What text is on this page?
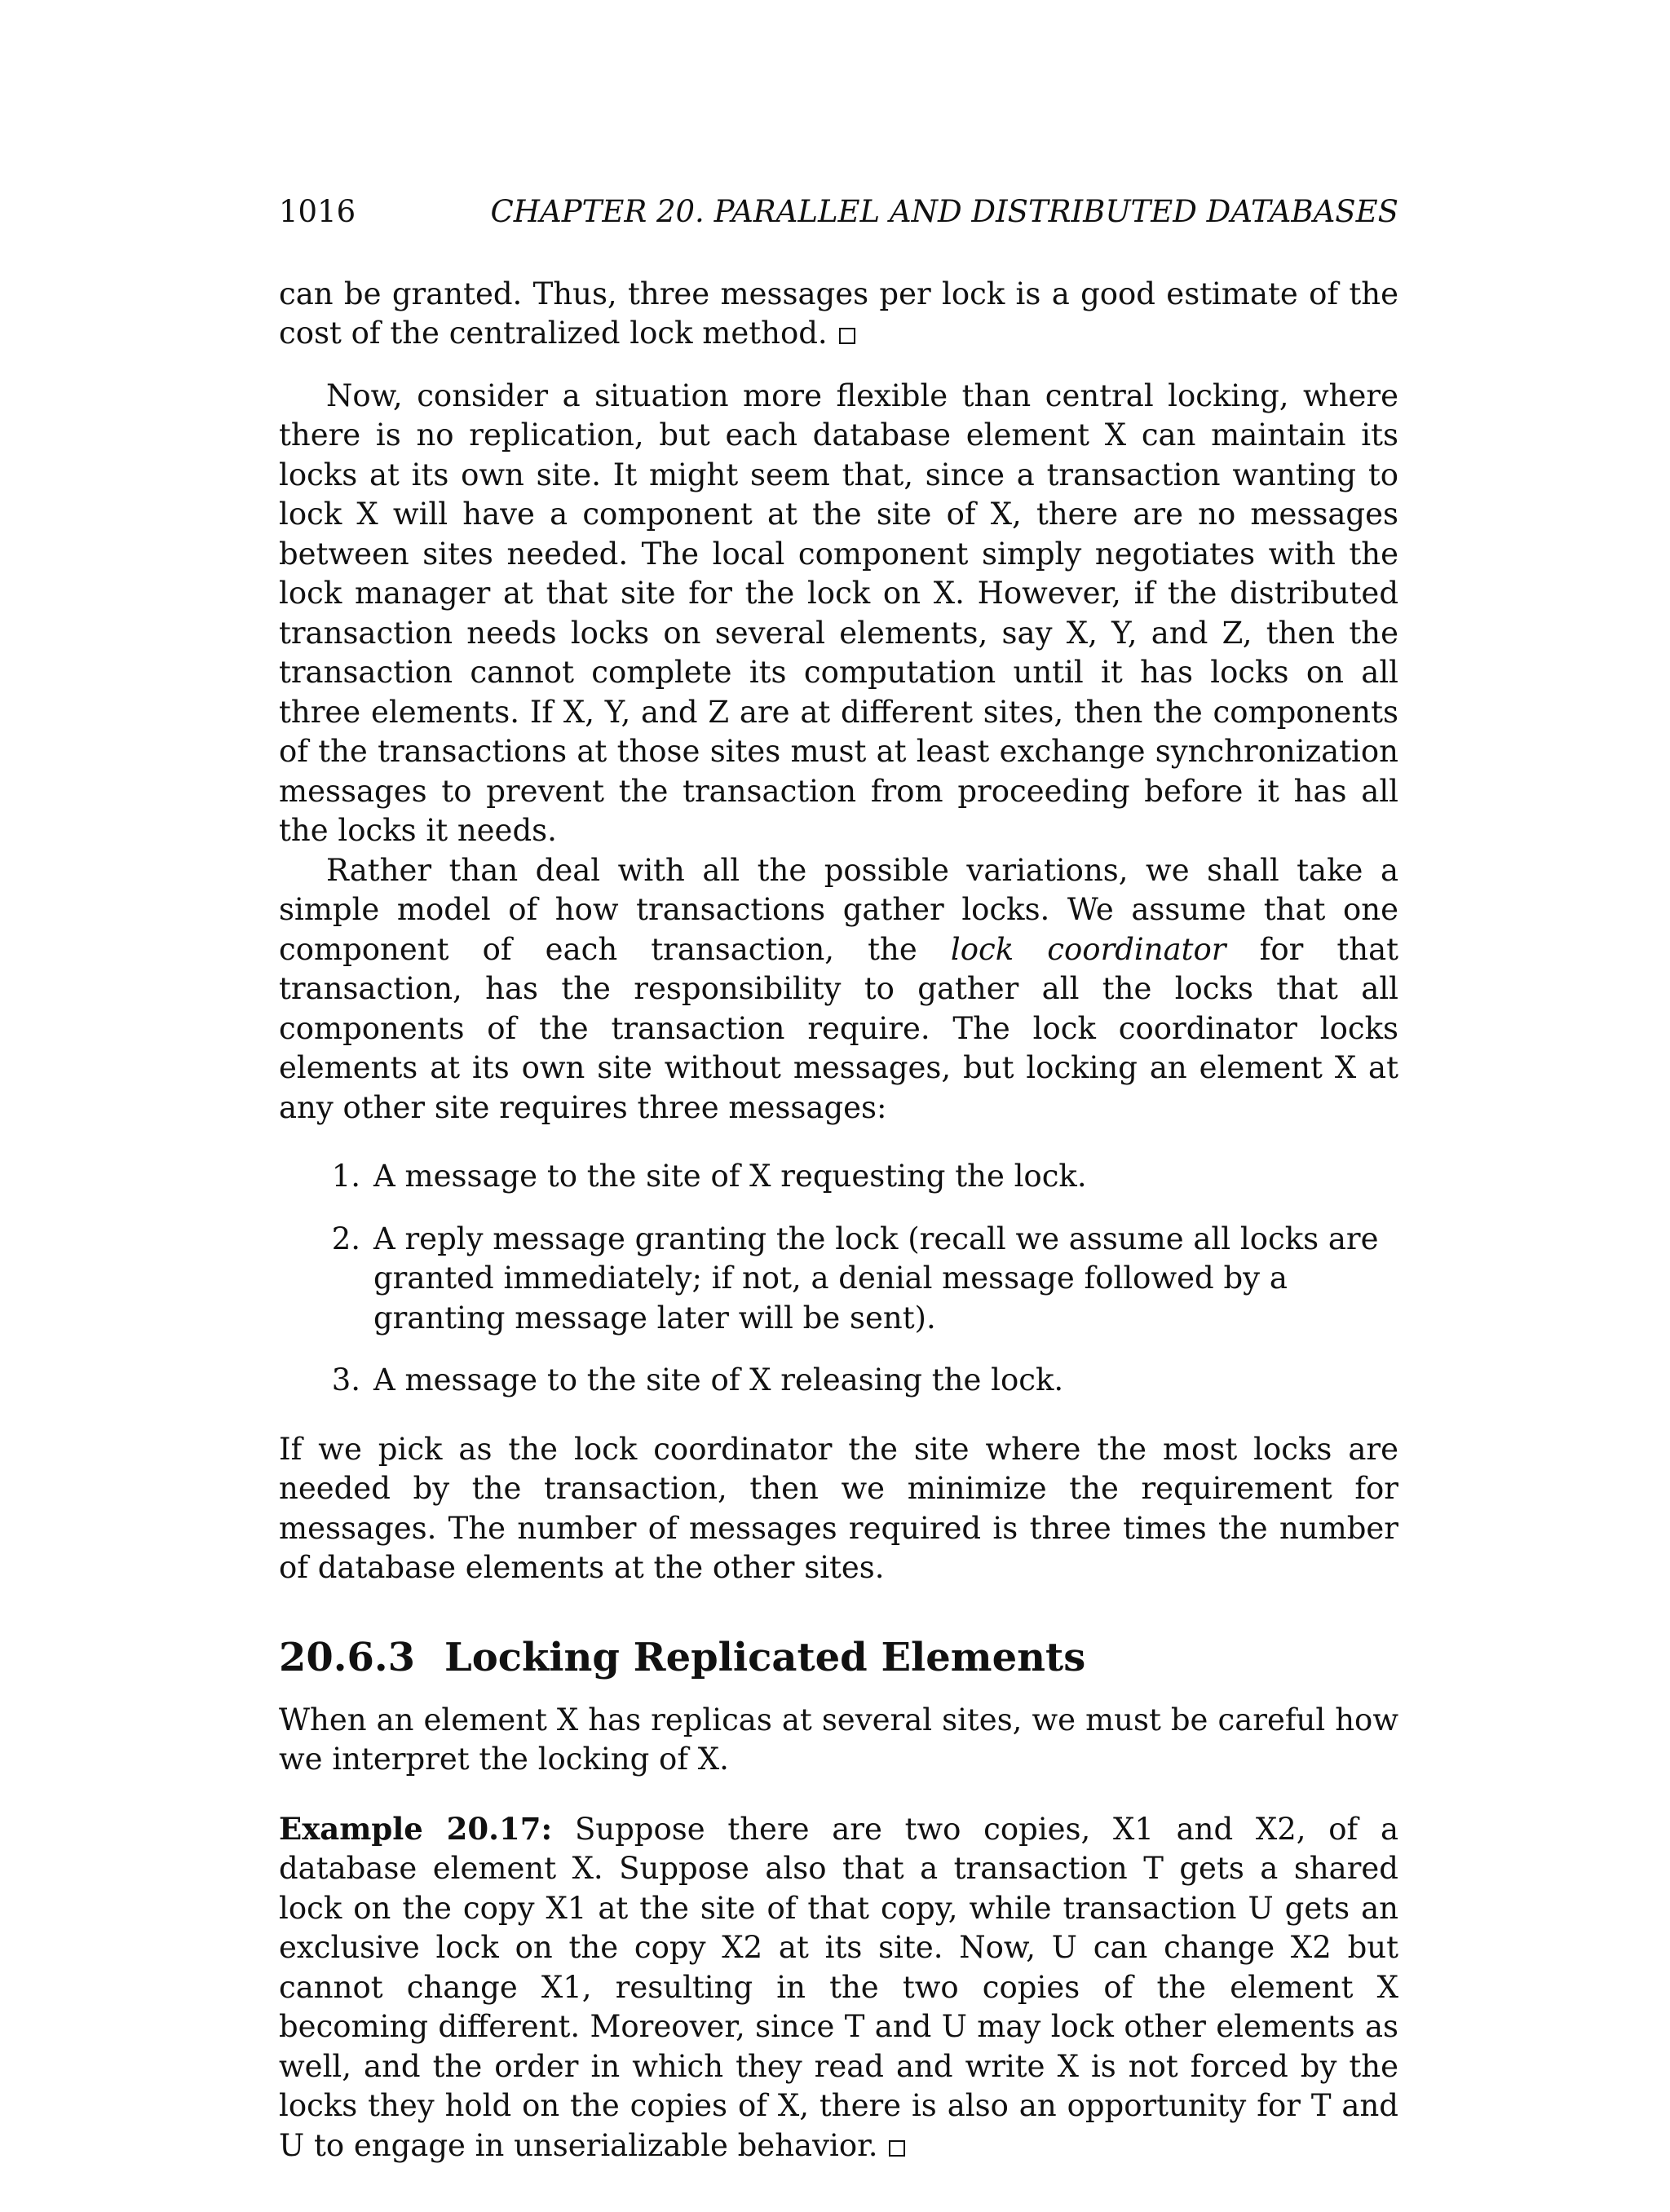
1016	CHAPTER 20. PARALLEL AND DISTRIBUTED DATABASES

can be granted. Thus, three messages per lock is a good estimate of the cost of the centralized lock method.

Now, consider a situation more flexible than central locking, where there is no replication, but each database element X can maintain its locks at its own site. It might seem that, since a transaction wanting to lock X will have a component at the site of X, there are no messages between sites needed. The local component simply negotiates with the lock manager at that site for the lock on X. However, if the distributed transaction needs locks on several elements, say X, Y, and Z, then the transaction cannot complete its computation until it has locks on all three elements. If X, Y, and Z are at different sites, then the components of the transactions at those sites must at least exchange synchronization messages to prevent the transaction from proceeding before it has all the locks it needs.

Rather than deal with all the possible variations, we shall take a simple model of how transactions gather locks. We assume that one component of each transaction, the lock coordinator for that transaction, has the responsibility to gather all the locks that all components of the transaction require. The lock coordinator locks elements at its own site without messages, but locking an element X at any other site requires three messages:

1. A message to the site of X requesting the lock.
2. A reply message granting the lock (recall we assume all locks are granted immediately; if not, a denial message followed by a granting message later will be sent).
3. A message to the site of X releasing the lock.

If we pick as the lock coordinator the site where the most locks are needed by the transaction, then we minimize the requirement for messages. The number of messages required is three times the number of database elements at the other sites.

20.6.3 Locking Replicated Elements

When an element X has replicas at several sites, we must be careful how we interpret the locking of X.

Example 20.17: Suppose there are two copies, X1 and X2, of a database element X. Suppose also that a transaction T gets a shared lock on the copy X1 at the site of that copy, while transaction U gets an exclusive lock on the copy X2 at its site. Now, U can change X2 but cannot change X1, resulting in the two copies of the element X becoming different. Moreover, since T and U may lock other elements as well, and the order in which they read and write X is not forced by the locks they hold on the copies of X, there is also an opportunity for T and U to engage in unserializable behavior.
